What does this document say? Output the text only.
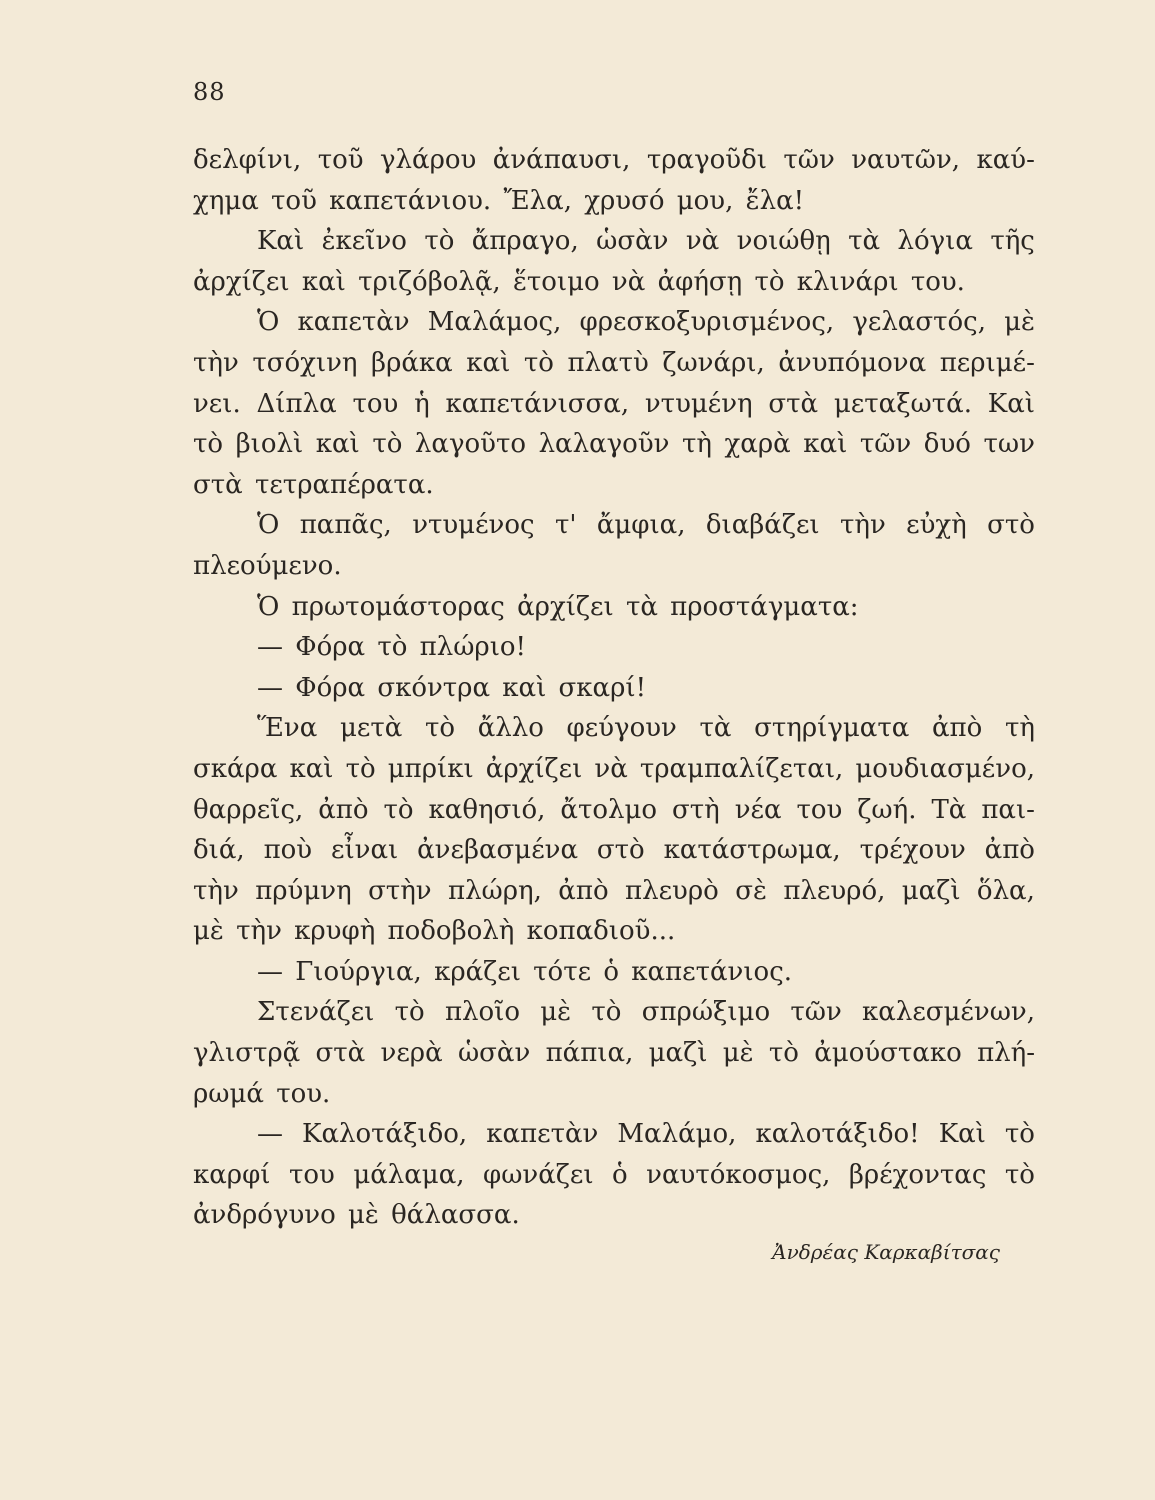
88
δελφίνι, τοῦ γλάρου ἀνάπαυσι, τραγοῦδι τῶν ναυτῶν, καύ-
χημα τοῦ καπετάνιου. Ἔλα, χρυσό μου, ἔλα!
Καὶ ἐκεῖνο τὸ ἄπραγο, ὡσὰν νὰ νοιώθῃ τὰ λόγια τῆς
ἀρχίζει καὶ τριζόβολᾷ, ἕτοιμο νὰ ἀφήσῃ τὸ κλινάρι του.
Ὁ καπετὰν Μαλάμος, φρεσκοξυρισμένος, γελαστός, μὲ
τὴν τσόχινη βράκα καὶ τὸ πλατὺ ζωνάρι, ἀνυπόμονα περιμέ-
νει. Δίπλα του ἡ καπετάνισσα, ντυμένη στὰ μεταξωτά. Καὶ
τὸ βιολὶ καὶ τὸ λαγοῦτο λαλαγοῦν τὴ χαρὰ καὶ τῶν δυό των
στὰ τετραπέρατα.
Ὁ παπᾶς, ντυμένος τ' ἄμφια, διαβάζει τὴν εὐχὴ στὸ
πλεούμενο.
Ὁ πρωτομάστορας ἀρχίζει τὰ προστάγματα:
— Φόρα τὸ πλώριο!
— Φόρα σκόντρα καὶ σκαρί!
Ἕνα μετὰ τὸ ἄλλο φεύγουν τὰ στηρίγματα ἀπὸ τὴ
σκάρα καὶ τὸ μπρίκι ἀρχίζει νὰ τραμπαλίζεται, μουδιασμένο,
θαρρεῖς, ἀπὸ τὸ καθησιό, ἄτολμο στὴ νέα του ζωή. Τὰ παι-
διά, ποὺ εἶναι ἀνεβασμένα στὸ κατάστρωμα, τρέχουν ἀπὸ
τὴν πρύμνη στὴν πλώρη, ἀπὸ πλευρὸ σὲ πλευρό, μαζὶ ὅλα,
μὲ τὴν κρυφὴ ποδοβολὴ κοπαδιοῦ...
— Γιούργια, κράζει τότε ὁ καπετάνιος.
Στενάζει τὸ πλοῖο μὲ τὸ σπρώξιμο τῶν καλεσμένων,
γλιστρᾷ στὰ νερὰ ὡσὰν πάπια, μαζὶ μὲ τὸ ἀμούστακο πλή-
ρωμά του.
— Καλοτάξιδο, καπετὰν Μαλάμο, καλοτάξιδο! Καὶ τὸ
καρφί του μάλαμα, φωνάζει ὁ ναυτόκοσμος, βρέχοντας τὸ
ἀνδρόγυνο μὲ θάλασσα.
Ἀνδρέας Καρκαβίτσας
